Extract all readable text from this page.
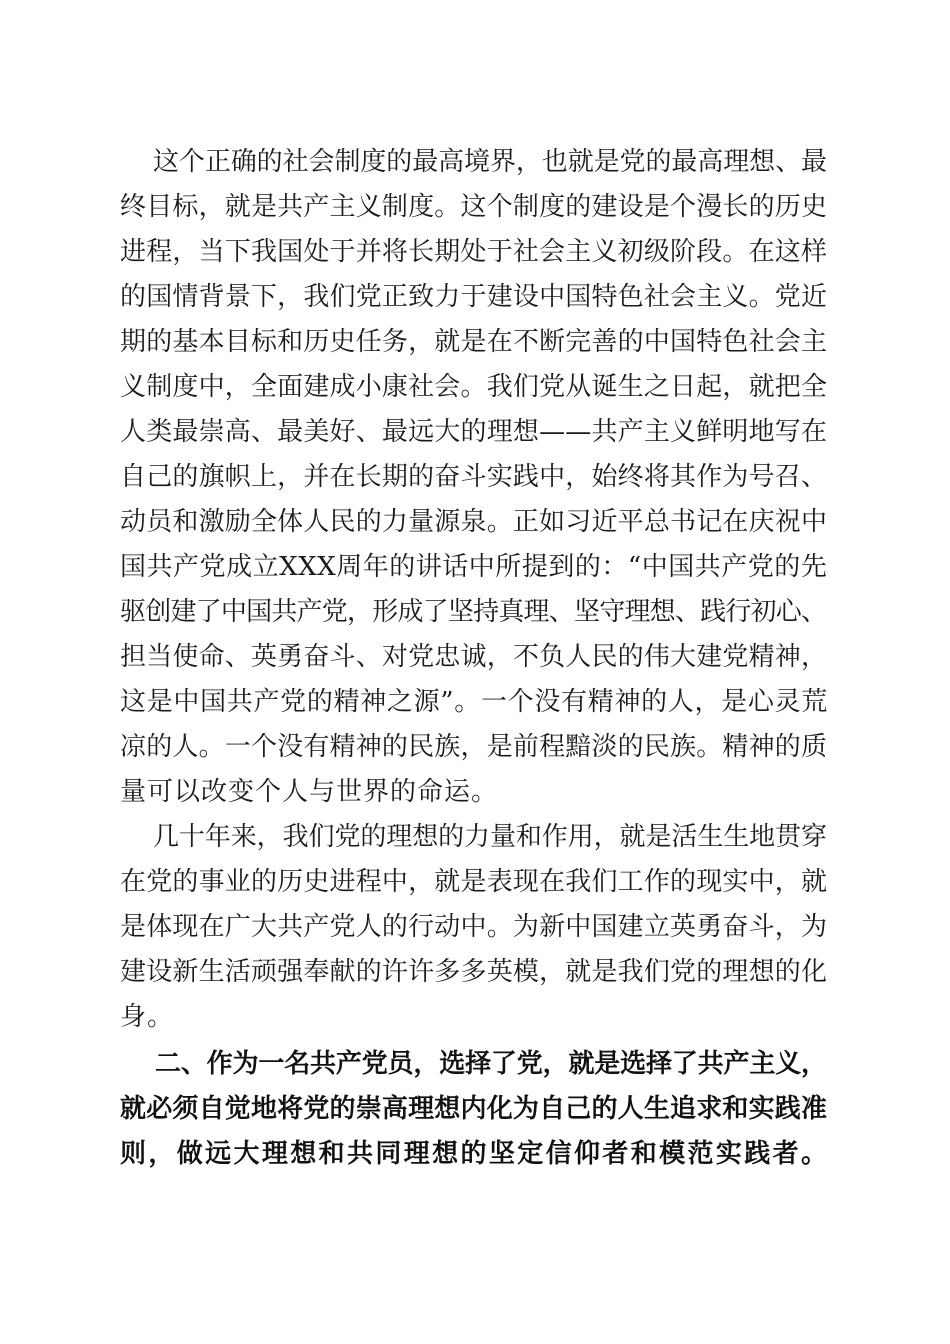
这个正确的社会制度的最高境界，也就是党的最高理想、最
终目标，就是共产主义制度。这个制度的建设是个漫长的历史
进程，当下我国处于并将长期处于社会主义初级阶段。在这样
的国情背景下，我们党正致力于建设中国特色社会主义。党近
期的基本目标和历史任务，就是在不断完善的中国特色社会主
义制度中，全面建成小康社会。我们党从诞生之日起，就把全
人类最崇高、最美好、最远大的理想——共产主义鲜明地写在
自己的旗帜上，并在长期的奋斗实践中，始终将其作为号召、
动员和激励全体人民的力量源泉。正如习近平总书记在庆祝中
国共产党成立XXX周年的讲话中所提到的：“中国共产党的先
驱创建了中国共产党，形成了坚持真理、坚守理想、践行初心、
担当使命、英勇奋斗、对党忠诚，不负人民的伟大建党精神，
这是中国共产党的精神之源”。一个没有精神的人，是心灵荒
凉的人。一个没有精神的民族，是前程黯淡的民族。精神的质
量可以改变个人与世界的命运。
几十年来，我们党的理想的力量和作用，就是活生生地贯穿
在党的事业的历史进程中，就是表现在我们工作的现实中，就
是体现在广大共产党人的行动中。为新中国建立英勇奋斗，为
建设新生活顽强奉献的许许多多英模，就是我们党的理想的化
身。
二、作为一名共产党员，选择了党，就是选择了共产主义，
就必须自觉地将党的崇高理想内化为自己的人生追求和实践准
则，做远大理想和共同理想的坚定信仰者和模范实践者。
